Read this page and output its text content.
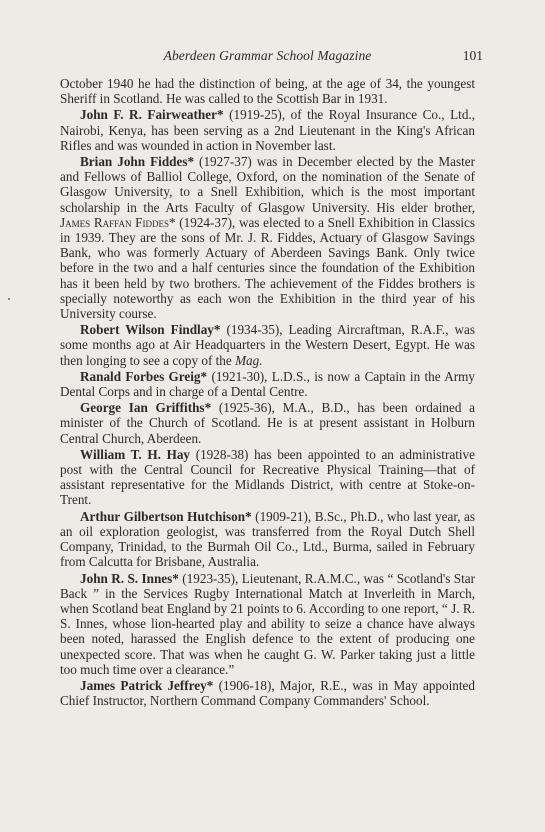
Aberdeen Grammar School Magazine	101

October 1940 he had the distinction of being, at the age of 34, the youngest Sheriff in Scotland. He was called to the Scottish Bar in 1931.

John F. R. Fairweather* (1919-25), of the Royal Insurance Co., Ltd., Nairobi, Kenya, has been serving as a 2nd Lieutenant in the King's African Rifles and was wounded in action in November last.

Brian John Fiddes* (1927-37) was in December elected by the Master and Fellows of Balliol College, Oxford, on the nomination of the Senate of Glasgow University, to a Snell Exhibition, which is the most important scholarship in the Arts Faculty of Glasgow University. His elder brother, James Raffan Fiddes* (1924-37), was elected to a Snell Exhibition in Classics in 1939. They are the sons of Mr. J. R. Fiddes, Actuary of Glasgow Savings Bank, who was formerly Actuary of Aberdeen Savings Bank. Only twice before in the two and a half centuries since the foundation of the Exhibition has it been held by two brothers. The achievement of the Fiddes brothers is specially noteworthy as each won the Exhibition in the third year of his University course.

Robert Wilson Findlay* (1934-35), Leading Aircraftman, R.A.F., was some months ago at Air Headquarters in the Western Desert, Egypt. He was then longing to see a copy of the Mag.

Ranald Forbes Greig* (1921-30), L.D.S., is now a Captain in the Army Dental Corps and in charge of a Dental Centre.

George Ian Griffiths* (1925-36), M.A., B.D., has been ordained a minister of the Church of Scotland. He is at present assistant in Holburn Central Church, Aberdeen.

William T. H. Hay (1928-38) has been appointed to an administrative post with the Central Council for Recreative Physical Training—that of assistant representative for the Midlands District, with centre at Stoke-on-Trent.

Arthur Gilbertson Hutchison* (1909-21), B.Sc., Ph.D., who last year, as an oil exploration geologist, was transferred from the Royal Dutch Shell Company, Trinidad, to the Burmah Oil Co., Ltd., Burma, sailed in February from Calcutta for Brisbane, Australia.

John R. S. Innes* (1923-35), Lieutenant, R.A.M.C., was “ Scotland's Star Back ” in the Services Rugby International Match at Inverleith in March, when Scotland beat England by 21 points to 6. According to one report, “ J. R. S. Innes, whose lion-hearted play and ability to seize a chance have always been noted, harassed the English defence to the extent of producing one unexpected score. That was when he caught G. W. Parker taking just a little too much time over a clearance.”

James Patrick Jeffrey* (1906-18), Major, R.E., was in May appointed Chief Instructor, Northern Command Company Commanders' School.
